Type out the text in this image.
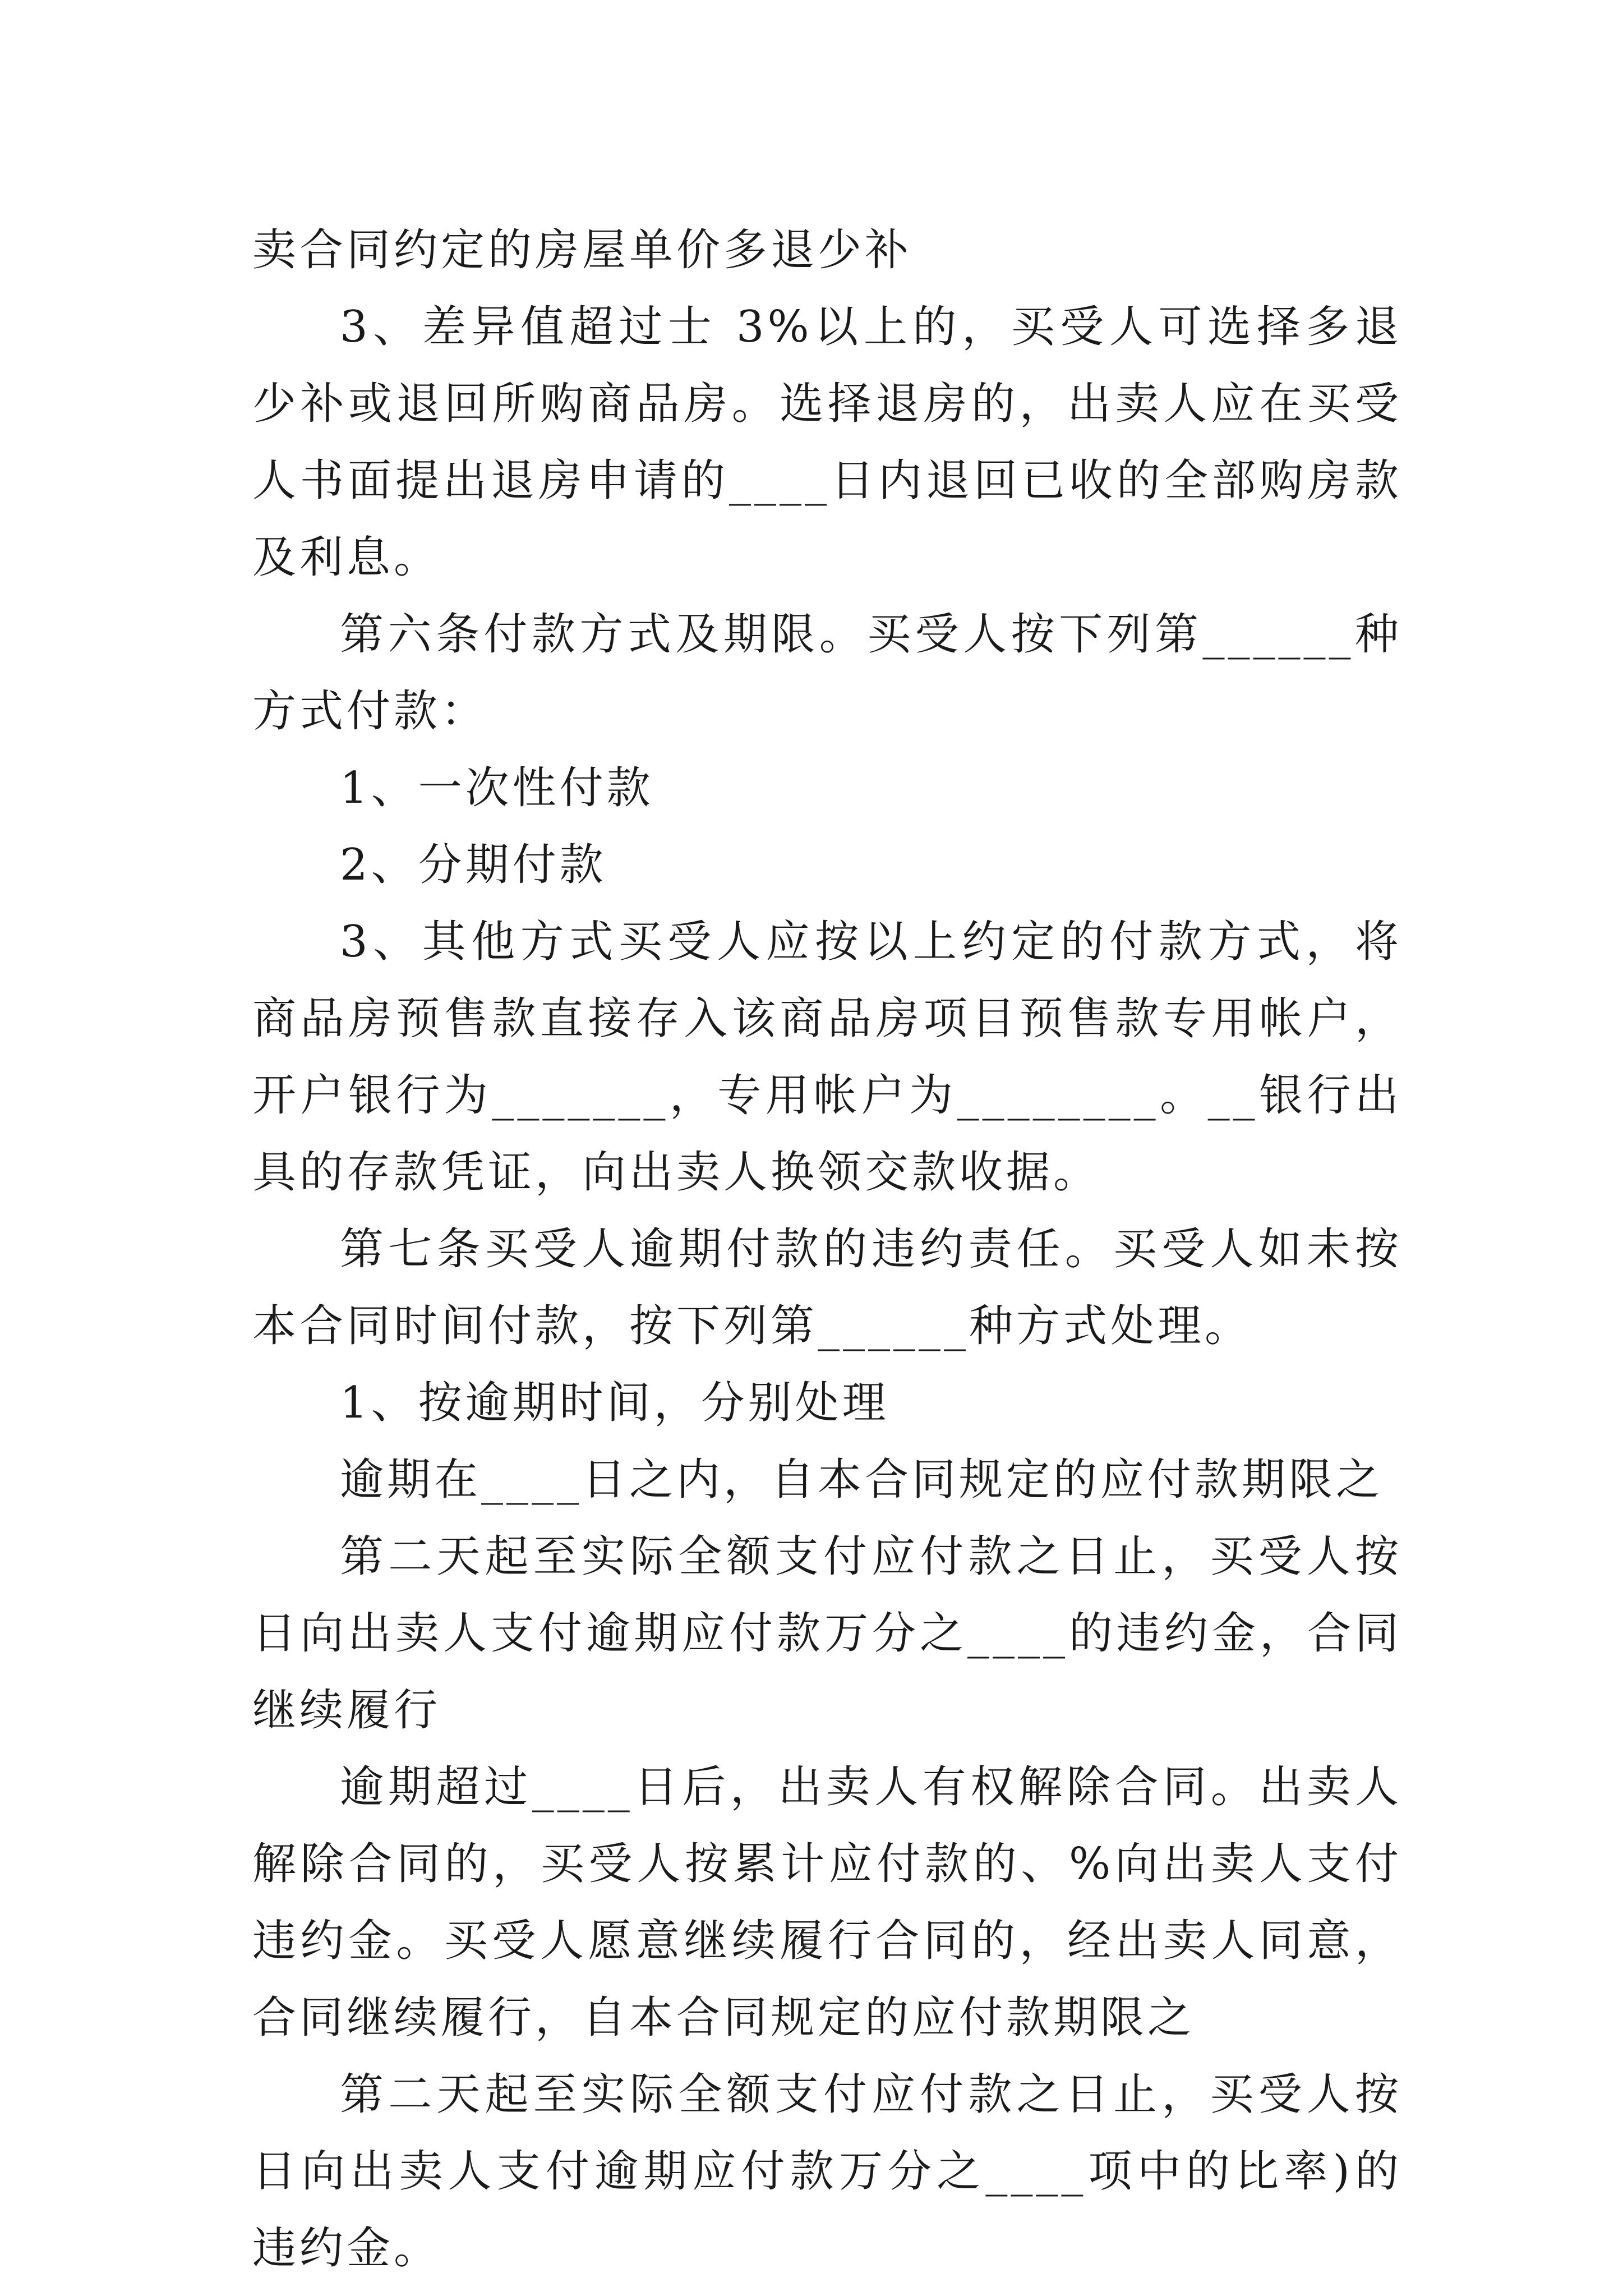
卖合同约定的房屋单价多退少补

3、差异值超过士 3%以上的，买受人可选择多退少补或退回所购商品房。选择退房的，出卖人应在买受人书面提出退房申请的____日内退回已收的全部购房款及利息。

第六条付款方式及期限。买受人按下列第______种方式付款：

1、一次性付款

2、分期付款

3、其他方式买受人应按以上约定的付款方式，将商品房预售款直接存入该商品房项目预售款专用帐户，开户银行为_______，专用帐户为________。__银行出具的存款凭证，向出卖人换领交款收据。

第七条买受人逾期付款的违约责任。买受人如未按本合同时间付款，按下列第______种方式处理。

1、按逾期时间，分别处理

逾期在____日之内，自本合同规定的应付款期限之

第二天起至实际全额支付应付款之日止，买受人按日向出卖人支付逾期应付款万分之____的违约金，合同继续履行

逾期超过____日后，出卖人有权解除合同。出卖人解除合同的，买受人按累计应付款的、%向出卖人支付违约金。买受人愿意继续履行合同的，经出卖人同意，合同继续履行，自本合同规定的应付款期限之

第二天起至实际全额支付应付款之日止，买受人按日向出卖人支付逾期应付款万分之____项中的比率)的违约金。
